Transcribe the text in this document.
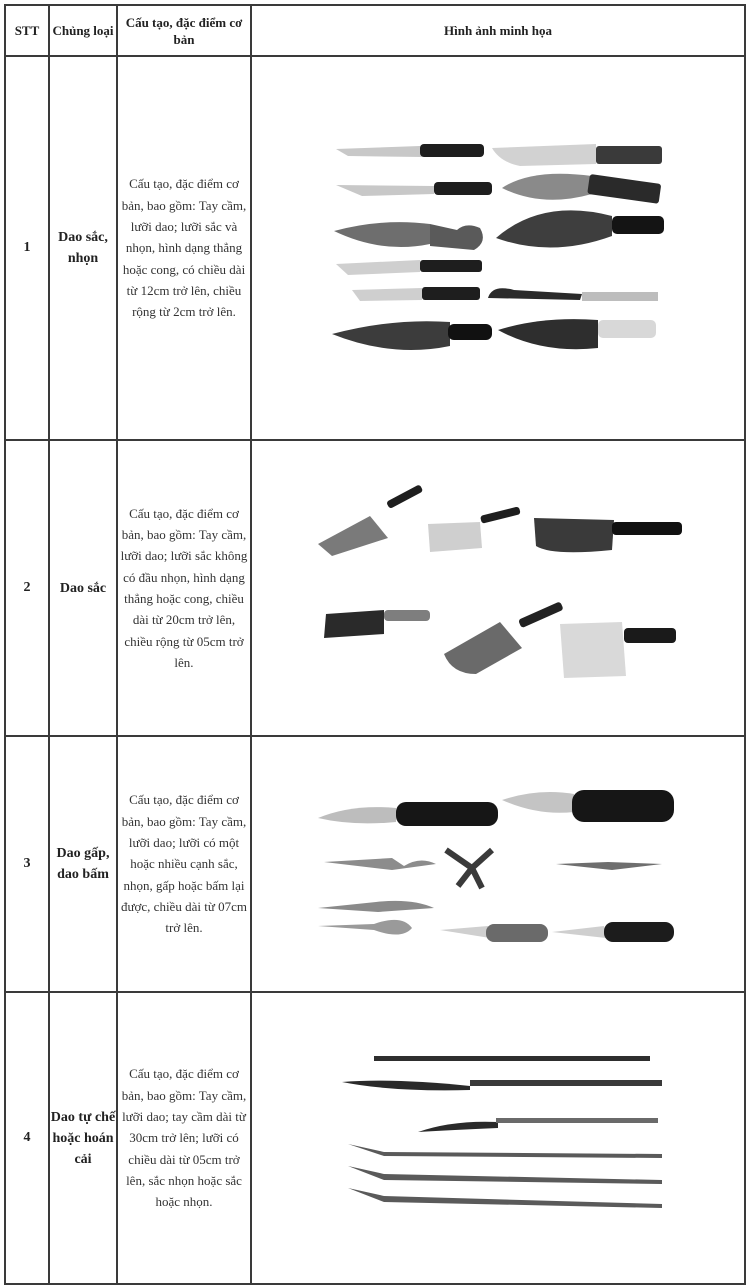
STT	Chủng loại	Cấu tạo, đặc điểm cơ bản	Hình ảnh minh họa
1	Dao sắc, nhọn	Cấu tạo, đặc điểm cơ bản, bao gồm: Tay cầm, lưỡi dao; lưỡi sắc và nhọn, hình dạng thẳng hoặc cong, có chiều dài từ 12cm trở lên, chiều rộng từ 2cm trở lên.	

2	Dao sắc	Cấu tạo, đặc điểm cơ bản, bao gồm: Tay cầm, lưỡi dao; lưỡi sắc không có đầu nhọn, hình dạng thẳng hoặc cong, chiều dài từ 20cm trở lên, chiều rộng từ 05cm trở lên.	

3	Dao gấp, dao bấm	Cấu tạo, đặc điểm cơ bản, bao gồm: Tay cầm, lưỡi dao; lưỡi có một hoặc nhiều cạnh sắc, nhọn, gấp hoặc bấm lại được, chiều dài từ 07cm trở lên.	

4	Dao tự chế hoặc hoán cải	Cấu tạo, đặc điểm cơ bản, bao gồm: Tay cầm, lưỡi dao; tay cầm dài từ 30cm trở lên; lưỡi có chiều dài từ 05cm trở lên, sắc nhọn hoặc sắc hoặc nhọn.	
